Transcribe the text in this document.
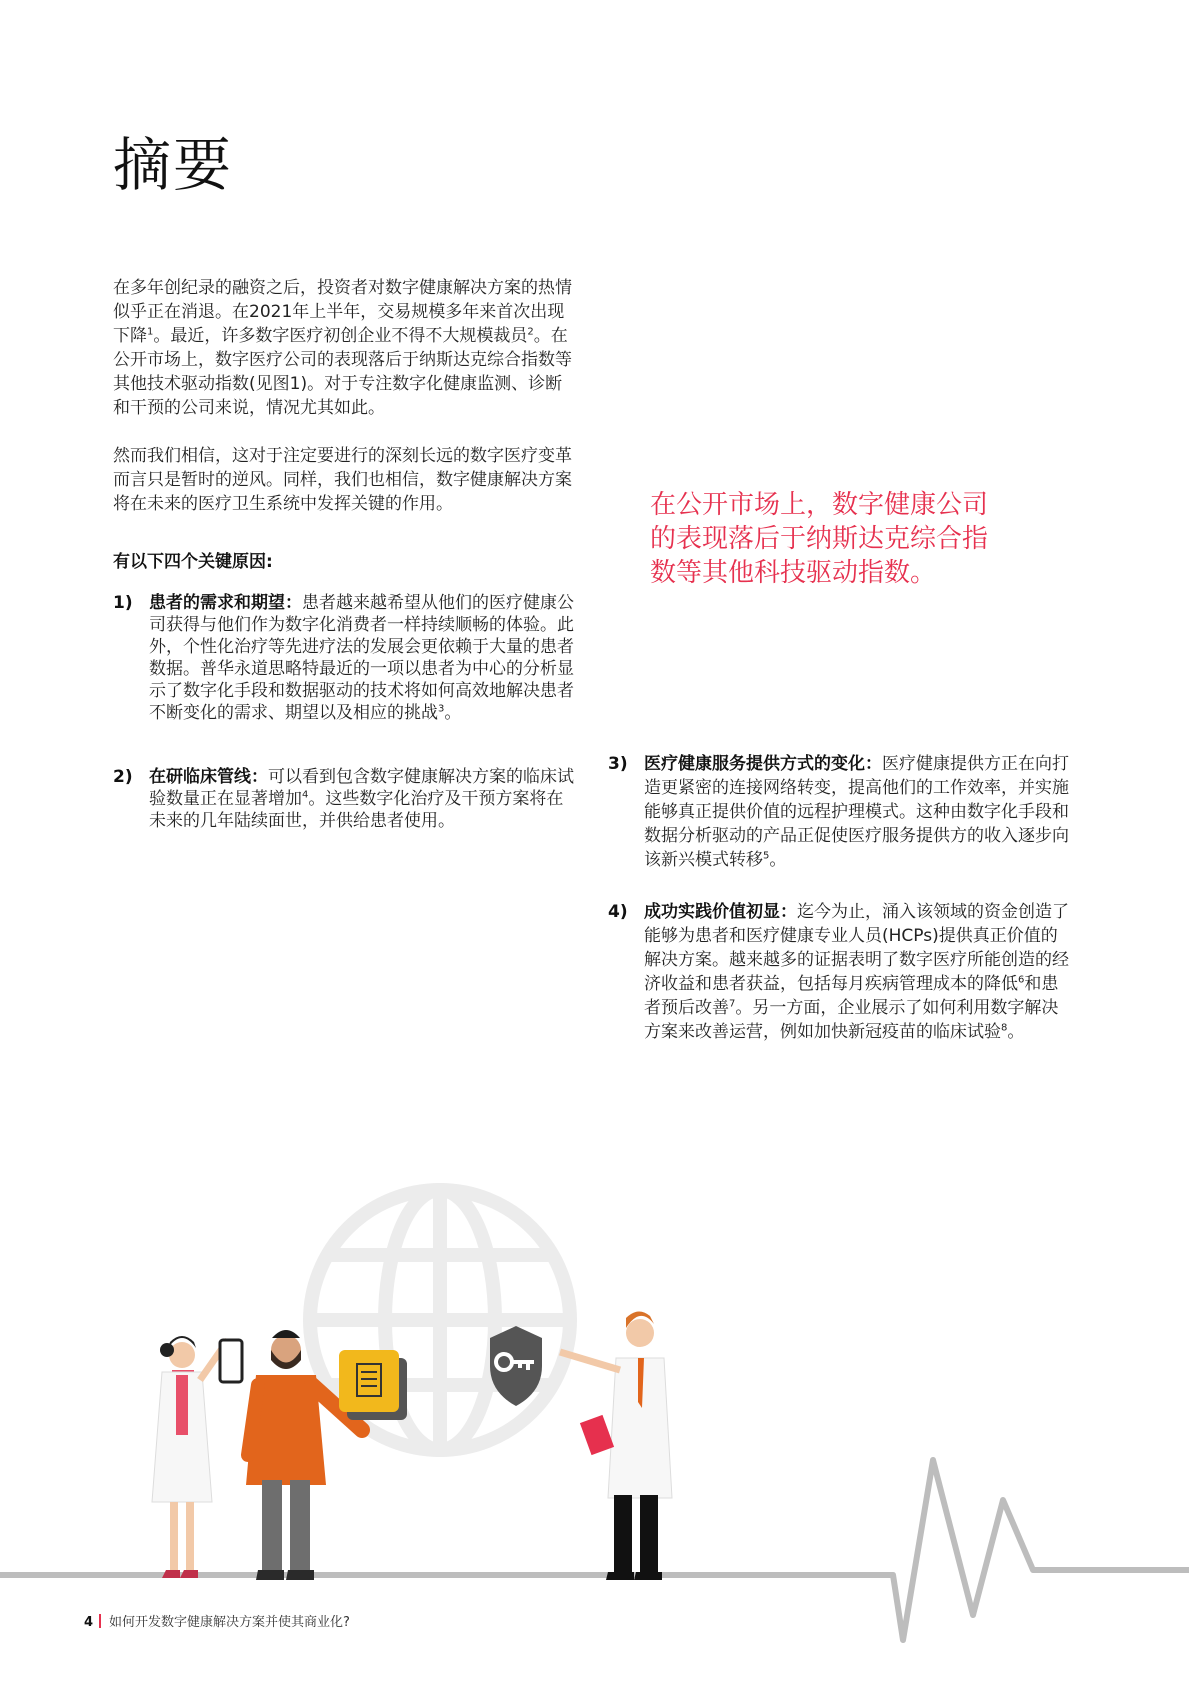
摘要

在多年创纪录的融资之后，投资者对数字健康解决方案的热情似乎正在消退。在2021年上半年，交易规模多年来首次出现下降$^1$。最近，许多数字医疗初创企业不得不大规模裁员$^2$。在公开市场上，数字医疗公司的表现落后于纳斯达克综合指数等其他技术驱动指数(见图1)。对于专注数字化健康监测、诊断和干预的公司来说，情况尤其如此。

然而我们相信，这对于注定要进行的深刻长远的数字医疗变革而言只是暂时的逆风。同样，我们也相信，数字健康解决方案将在未来的医疗卫生系统中发挥关键的作用。

有以下四个关键原因:

1) 患者的需求和期望：患者越来越希望从他们的医疗健康公司获得与他们作为数字化消费者一样持续顺畅的体验。此外，个性化治疗等先进疗法的发展会更依赖于大量的患者数据。普华永道思略特最近的一项以患者为中心的分析显示了数字化手段和数据驱动的技术将如何高效地解决患者不断变化的需求、期望以及相应的挑战$^3$。
2) 在研临床管线：可以看到包含数字健康解决方案的临床试验数量正在显著增加$^4$。这些数字化治疗及干预方案将在未来的几年陆续面世，并供给患者使用。

在公开市场上，数字健康公司的表现落后于纳斯达克综合指数等其他科技驱动指数。

3) 医疗健康服务提供方式的变化：医疗健康提供方正在向打造更紧密的连接网络转变，提高他们的工作效率，并实施能够真正提供价值的远程护理模式。这种由数字化手段和数据分析驱动的产品正促使医疗服务提供方的收入逐步向该新兴模式转移$^5$。
4) 成功实践价值初显：迄今为止，涌入该领域的资金创造了能够为患者和医疗健康专业人员(HCPs)提供真正价值的解决方案。越来越多的证据表明了数字医疗所能创造的经济收益和患者获益，包括每月疾病管理成本的降低$^6$和患者预后改善$^7$。另一方面，企业展示了如何利用数字解决方案来改善运营，例如加快新冠疫苗的临床试验$^8$。
4 如何开发数字健康解决方案并使其商业化?
